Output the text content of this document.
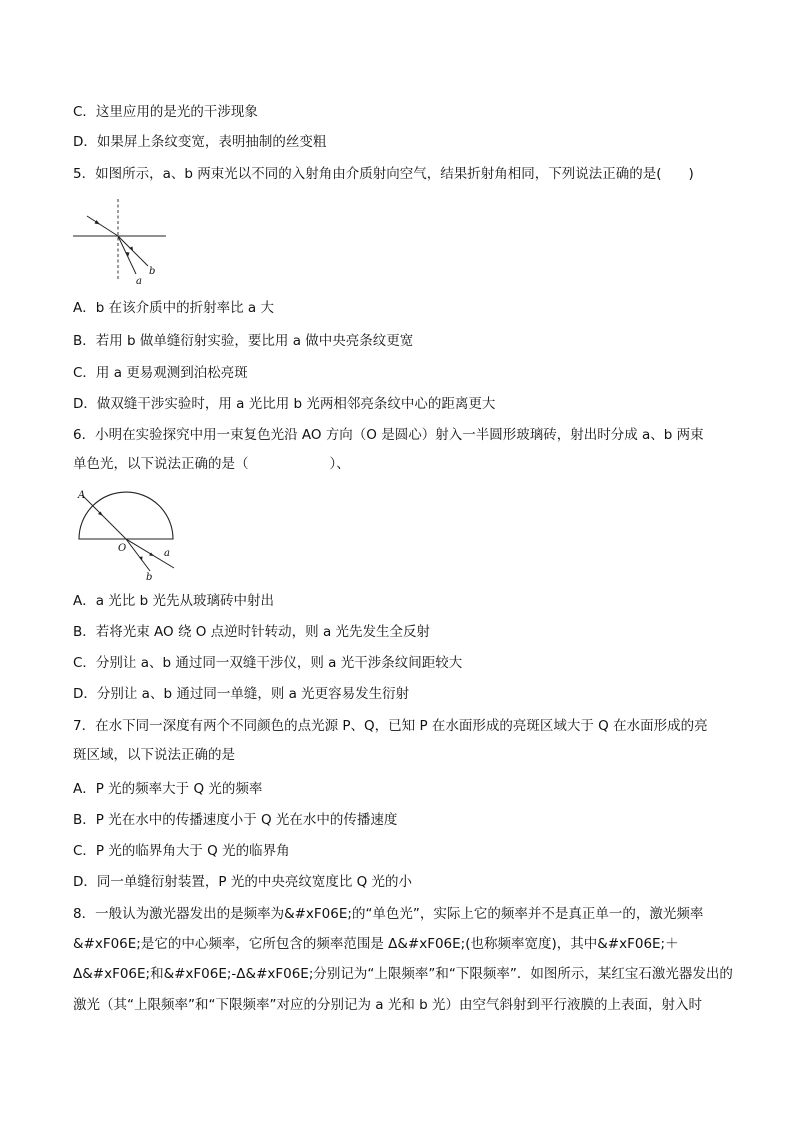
C．这里应用的是光的干涉现象
D．如果屏上条纹变宽，表明抽制的丝变粗
5．如图所示，a、b 两束光以不同的入射角由介质射向空气，结果折射角相同，下列说法正确的是(　　)
a
b
A．b 在该介质中的折射率比 a 大
B．若用 b 做单缝衍射实验，要比用 a 做中央亮条纹更宽
C．用 a 更易观测到泊松亮斑
D．做双缝干涉实验时，用 a 光比用 b 光两相邻亮条纹中心的距离更大
6．小明在实验探究中用一束复色光沿 AO 方向（O 是圆心）射入一半圆形玻璃砖，射出时分成 a、b 两束
单色光，以下说法正确的是（　　　　　　）、
A
O	a
b
A．a 光比 b 光先从玻璃砖中射出
B．若将光束 AO 绕 O 点逆时针转动，则 a 光先发生全反射
C．分别让 a、b 通过同一双缝干涉仪，则 a 光干涉条纹间距较大
D．分别让 a、b 通过同一单缝，则 a 光更容易发生衍射
7．在水下同一深度有两个不同颜色的点光源 P、Q，已知 P 在水面形成的亮斑区域大于 Q 在水面形成的亮
斑区域，以下说法正确的是
A．P 光的频率大于 Q 光的频率
B．P 光在水中的传播速度小于 Q 光在水中的传播速度
C．P 光的临界角大于 Q 光的临界角
D．同一单缝衍射装置，P 光的中央亮纹宽度比 Q 光的小
8．一般认为激光器发出的是频率为&#xF06E;的“单色光”，实际上它的频率并不是真正单一的，激光频率
&#xF06E;是它的中心频率，它所包含的频率范围是 Δ&#xF06E;(也称频率宽度)，其中&#xF06E;＋
Δ&#xF06E;和&#xF06E;-Δ&#xF06E;分别记为“上限频率”和“下限频率”．如图所示，某红宝石激光器发出的
激光（其“上限频率”和“下限频率”对应的分别记为 a 光和 b 光）由空气斜射到平行液膜的上表面，射入时
